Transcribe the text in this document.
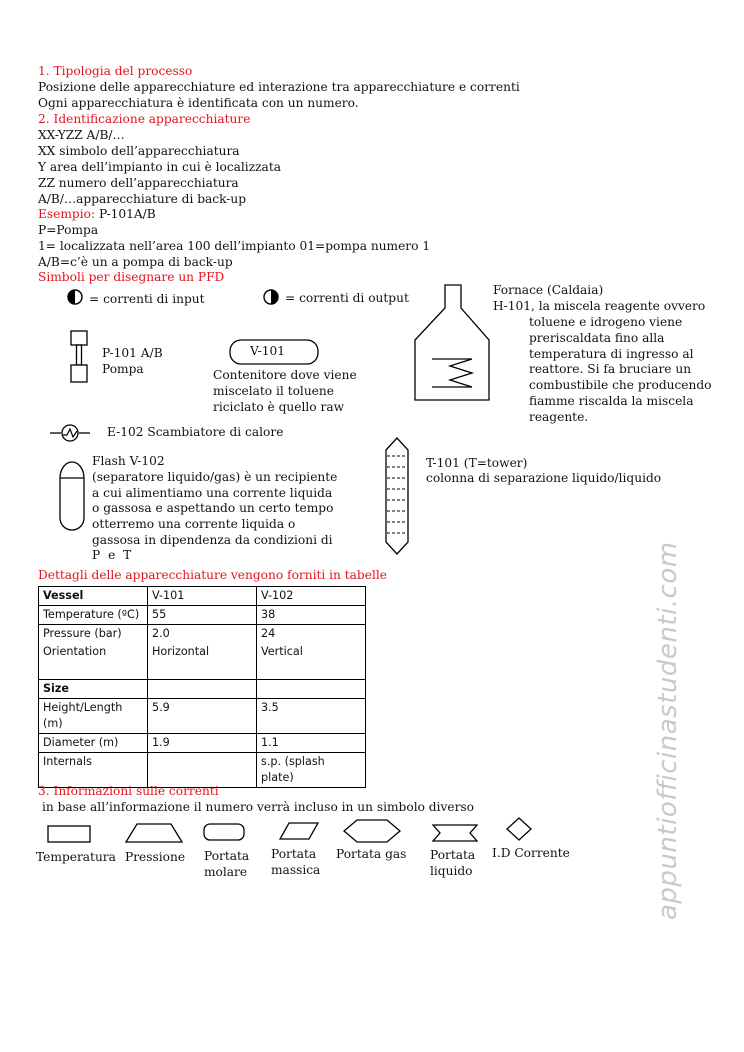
1. Tipologia del processo
Posizione delle apparecchiature ed interazione tra apparecchiature e correnti
Ogni apparecchiatura è identificata con un numero.
2. Identificazione apparecchiature
XX-YZZ A/B/…
XX simbolo dell’apparecchiatura
Y area dell’impianto in cui è localizzata
ZZ numero dell’apparecchiatura
A/B/…apparecchiature di back-up
Esempio: P-101A/B
P=Pompa
1= localizzata nell’area 100 dell’impianto 01=pompa numero 1
A/B=c’è un a pompa di back-up
Simboli per disegnare un PFD
= correnti di input	= correnti di output
P-101 A/B
Pompa
V-101
Contenitore dove viene
miscelato il toluene
riciclato è quello raw
Fornace (Caldaia)
H-101, la miscela reagente ovvero
toluene e idrogeno viene
preriscaldata fino alla
temperatura di ingresso al
reattore. Si fa bruciare un
combustibile che producendo
fiamme riscalda la miscela
reagente.
E-102 Scambiatore di calore
Flash V-102
(separatore liquido/gas) è un recipiente
a cui alimentiamo una corrente liquida
o gassosa e aspettando un certo tempo
otterremo una corrente liquida o
gassosa in dipendenza da condizioni di
P e T
T-101 (T=tower)
colonna di separazione liquido/liquido
Dettagli delle apparecchiature vengono forniti in tabelle
Vessel	V-101	V-102
Temperature (ºC)	55	38
Pressure (bar)	2.0	24
Orientation	Horizontal	Vertical

Size		
Height/Length (m)	5.9	3.5
Diameter (m)	1.9	1.1
Internals		s.p. (splash plate)
3. Informazioni sulle correnti
in base all’informazione il numero verrà incluso in un simbolo diverso
Temperatura Pressione Portata
molare
Portata
massica
Portata gas Portata
liquido
I.D Corrente	appuntiofficinastudenti.com
